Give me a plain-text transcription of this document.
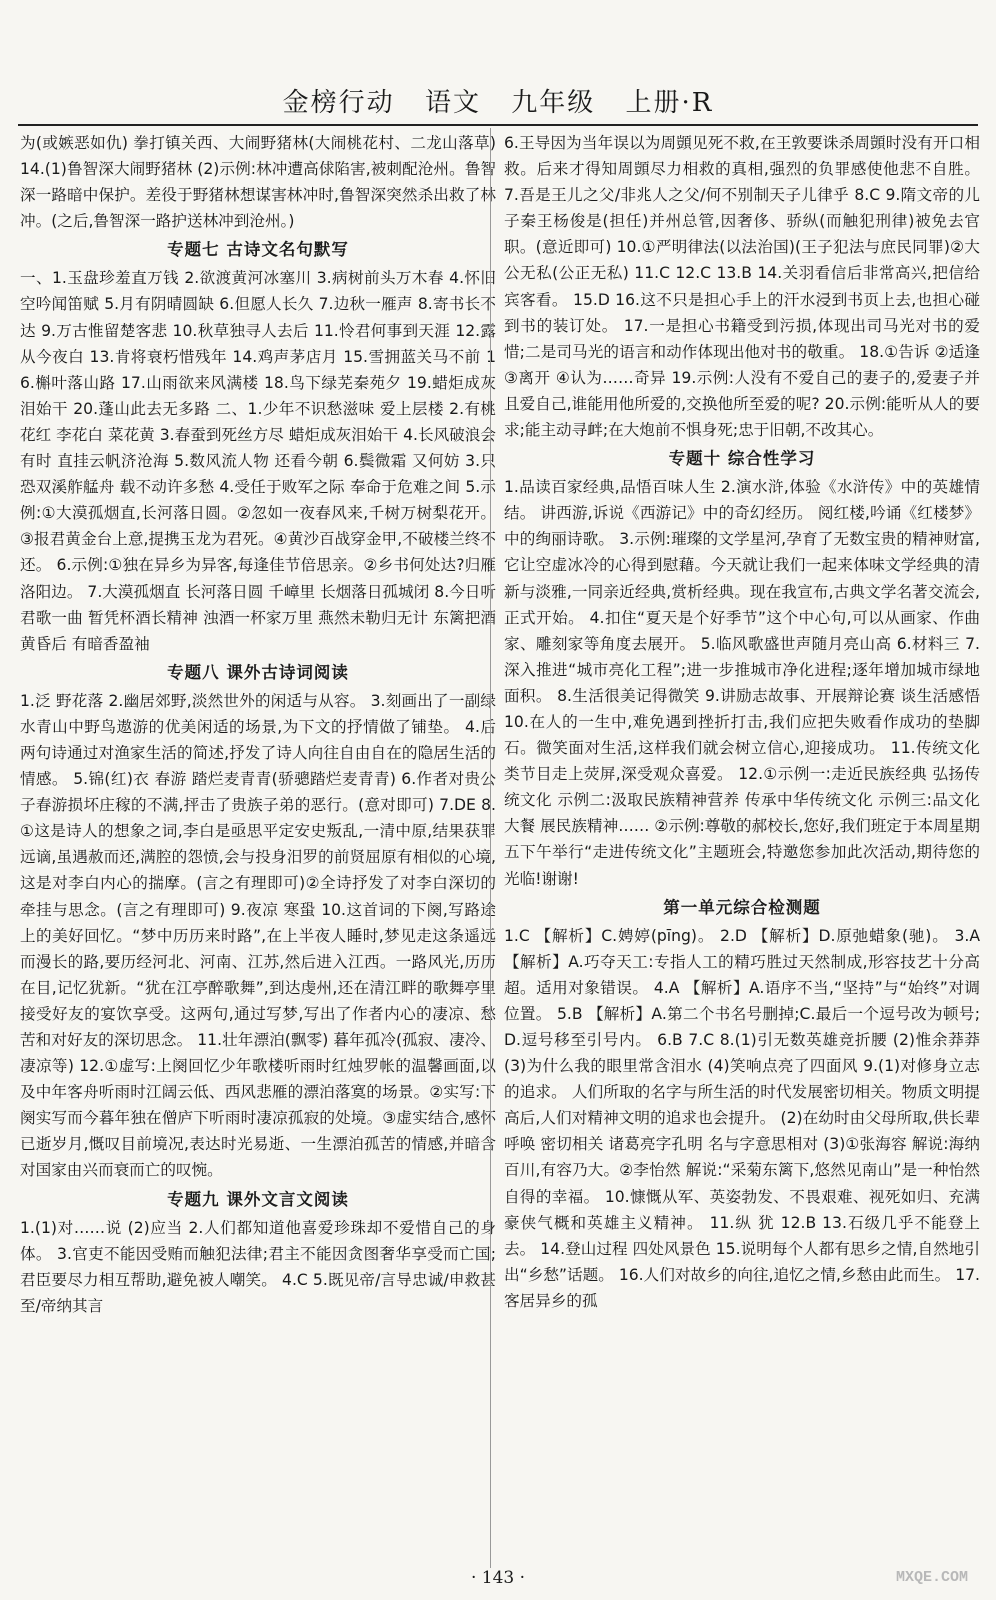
金榜行动 语文 九年级 上册·R

为(或嫉恶如仇) 拳打镇关西、大闹野猪林(大闹桃花村、二龙山落草) 14.(1)鲁智深大闹野猪林 (2)示例:林冲遭高俅陷害,被刺配沧州。鲁智深一路暗中保护。差役于野猪林想谋害林冲时,鲁智深突然杀出救了林冲。(之后,鲁智深一路护送林冲到沧州。)

专题七 古诗文名句默写

一、1.玉盘珍羞直万钱 2.欲渡黄河冰塞川 3.病树前头万木春 4.怀旧空吟闻笛赋 5.月有阴晴圆缺 6.但愿人长久 7.边秋一雁声 8.寄书长不达 9.万古惟留楚客悲 10.秋草独寻人去后 11.怜君何事到天涯 12.露从今夜白 13.肯将衰朽惜残年 14.鸡声茅店月 15.雪拥蓝关马不前 16.槲叶落山路 17.山雨欲来风满楼 18.鸟下绿芜秦苑夕 19.蜡炬成灰泪始干 20.蓬山此去无多路 二、1.少年不识愁滋味 爱上层楼 2.有桃花红 李花白 菜花黄 3.春蚕到死丝方尽 蜡炬成灰泪始干 4.长风破浪会有时 直挂云帆济沧海 5.数风流人物 还看今朝 6.鬓微霜 又何妨 3.只恐双溪舴艋舟 载不动许多愁 4.受任于败军之际 奉命于危难之间 5.示例:①大漠孤烟直,长河落日圆。②忽如一夜春风来,千树万树梨花开。③报君黄金台上意,提携玉龙为君死。④黄沙百战穿金甲,不破楼兰终不还。 6.示例:①独在异乡为异客,每逢佳节倍思亲。②乡书何处达?归雁洛阳边。 7.大漠孤烟直 长河落日圆 千嶂里 长烟落日孤城闭 8.今日听君歌一曲 暂凭杯酒长精神 浊酒一杯家万里 燕然未勒归无计 东篱把酒黄昏后 有暗香盈袖

专题八 课外古诗词阅读

1.泛 野花落 2.幽居郊野,淡然世外的闲适与从容。 3.刻画出了一副绿水青山中野鸟遨游的优美闲适的场景,为下文的抒情做了铺垫。 4.后两句诗通过对渔家生活的简述,抒发了诗人向往自由自在的隐居生活的情感。 5.锦(红)衣 春游 踏烂麦青青(骄骢踏烂麦青青) 6.作者对贵公子春游损坏庄稼的不满,抨击了贵族子弟的恶行。(意对即可) 7.DE 8.①这是诗人的想象之词,李白是亟思平定安史叛乱,一清中原,结果获罪远谪,虽遇赦而还,满腔的怨愤,会与投身汨罗的前贤屈原有相似的心境,这是对李白内心的揣摩。(言之有理即可)②全诗抒发了对李白深切的牵挂与思念。(言之有理即可) 9.夜凉 寒蛩 10.这首词的下阕,写路途上的美好回忆。“梦中历历来时路”,在上半夜人睡时,梦见走这条遥远而漫长的路,要历经河北、河南、江苏,然后进入江西。一路风光,历历在目,记忆犹新。“犹在江亭醉歌舞”,到达虔州,还在清江畔的歌舞亭里接受好友的宴饮享受。这两句,通过写梦,写出了作者内心的凄凉、愁苦和对好友的深切思念。 11.壮年漂泊(飘零) 暮年孤冷(孤寂、凄冷、凄凉等) 12.①虚写:上阕回忆少年歌楼听雨时红烛罗帐的温馨画面,以及中年客舟听雨时江阔云低、西风悲雁的漂泊落寞的场景。②实写:下阕实写而今暮年独在僧庐下听雨时凄凉孤寂的处境。③虚实结合,感怀已逝岁月,慨叹目前境况,表达时光易逝、一生漂泊孤苦的情感,并暗含对国家由兴而衰而亡的叹惋。

专题九 课外文言文阅读

1.(1)对……说 (2)应当 2.人们都知道他喜爱珍珠却不爱惜自己的身体。 3.官吏不能因受贿而触犯法律;君主不能因贪图奢华享受而亡国;君臣要尽力相互帮助,避免被人嘲笑。 4.C 5.既见帝/言导忠诚/申救甚至/帝纳其言

6.王导因为当年误以为周顗见死不救,在王敦要诛杀周顗时没有开口相救。后来才得知周顗尽力相救的真相,强烈的负罪感使他悲不自胜。 7.吾是王儿之父/非兆人之父/何不别制天子儿律乎 8.C 9.隋文帝的儿子秦王杨俊是(担任)并州总管,因奢侈、骄纵(而触犯刑律)被免去官职。(意近即可) 10.①严明律法(以法治国)(王子犯法与庶民同罪)②大公无私(公正无私) 11.C 12.C 13.B 14.关羽看信后非常高兴,把信给宾客看。 15.D 16.这不只是担心手上的汗水浸到书页上去,也担心碰到书的装订处。 17.一是担心书籍受到污损,体现出司马光对书的爱惜;二是司马光的语言和动作体现出他对书的敬重。 18.①告诉 ②适逢 ③离开 ④认为……奇异 19.示例:人没有不爱自己的妻子的,爱妻子并且爱自己,谁能用他所爱的,交换他所至爱的呢? 20.示例:能听从人的要求;能主动寻衅;在大炮前不惧身死;忠于旧朝,不改其心。

专题十 综合性学习

1.品读百家经典,品悟百味人生 2.演水浒,体验《水浒传》中的英雄情结。 讲西游,诉说《西游记》中的奇幻经历。 阅红楼,吟诵《红楼梦》中的绚丽诗歌。 3.示例:璀璨的文学星河,孕育了无数宝贵的精神财富,它让空虚冰冷的心得到慰藉。今天就让我们一起来体味文学经典的清新与淡雅,一同亲近经典,赏析经典。现在我宣布,古典文学名著交流会,正式开始。 4.扣住“夏天是个好季节”这个中心句,可以从画家、作曲家、雕刻家等角度去展开。 5.临风歌盛世声随月亮山高 6.材料三 7.深入推进“城市亮化工程”;进一步推城市净化进程;逐年增加城市绿地面积。 8.生活很美记得微笑 9.讲励志故事、开展辩论赛 谈生活感悟 10.在人的一生中,难免遇到挫折打击,我们应把失败看作成功的垫脚石。微笑面对生活,这样我们就会树立信心,迎接成功。 11.传统文化类节目走上荧屏,深受观众喜爱。 12.①示例一:走近民族经典 弘扬传统文化 示例二:汲取民族精神营养 传承中华传统文化 示例三:品文化大餐 展民族精神…… ②示例:尊敬的郝校长,您好,我们班定于本周星期五下午举行“走进传统文化”主题班会,特邀您参加此次活动,期待您的光临!谢谢!

第一单元综合检测题

1.C 【解析】C.娉婷(pīng)。 2.D 【解析】D.原弛蜡象(驰)。 3.A 【解析】A.巧夺天工:专指人工的精巧胜过天然制成,形容技艺十分高超。适用对象错误。 4.A 【解析】A.语序不当,“坚持”与“始终”对调位置。 5.B 【解析】A.第二个书名号删掉;C.最后一个逗号改为顿号;D.逗号移至引号内。 6.B 7.C 8.(1)引无数英雄竞折腰 (2)惟余莽莽 (3)为什么我的眼里常含泪水 (4)笑响点亮了四面风 9.(1)对修身立志的追求。 人们所取的名字与所生活的时代发展密切相关。物质文明提高后,人们对精神文明的追求也会提升。 (2)在幼时由父母所取,供长辈呼唤 密切相关 诸葛亮字孔明 名与字意思相对 (3)①张海容 解说:海纳百川,有容乃大。②李怡然 解说:“采菊东篱下,悠然见南山”是一种怡然自得的幸福。 10.慷慨从军、英姿勃发、不畏艰难、视死如归、充满豪侠气概和英雄主义精神。 11.纵 犹 12.B 13.石级几乎不能登上去。 14.登山过程 四处风景色 15.说明每个人都有思乡之情,自然地引出“乡愁”话题。 16.人们对故乡的向往,追忆之情,乡愁由此而生。 17.客居异乡的孤

· 143 ·	MXQE.COM
